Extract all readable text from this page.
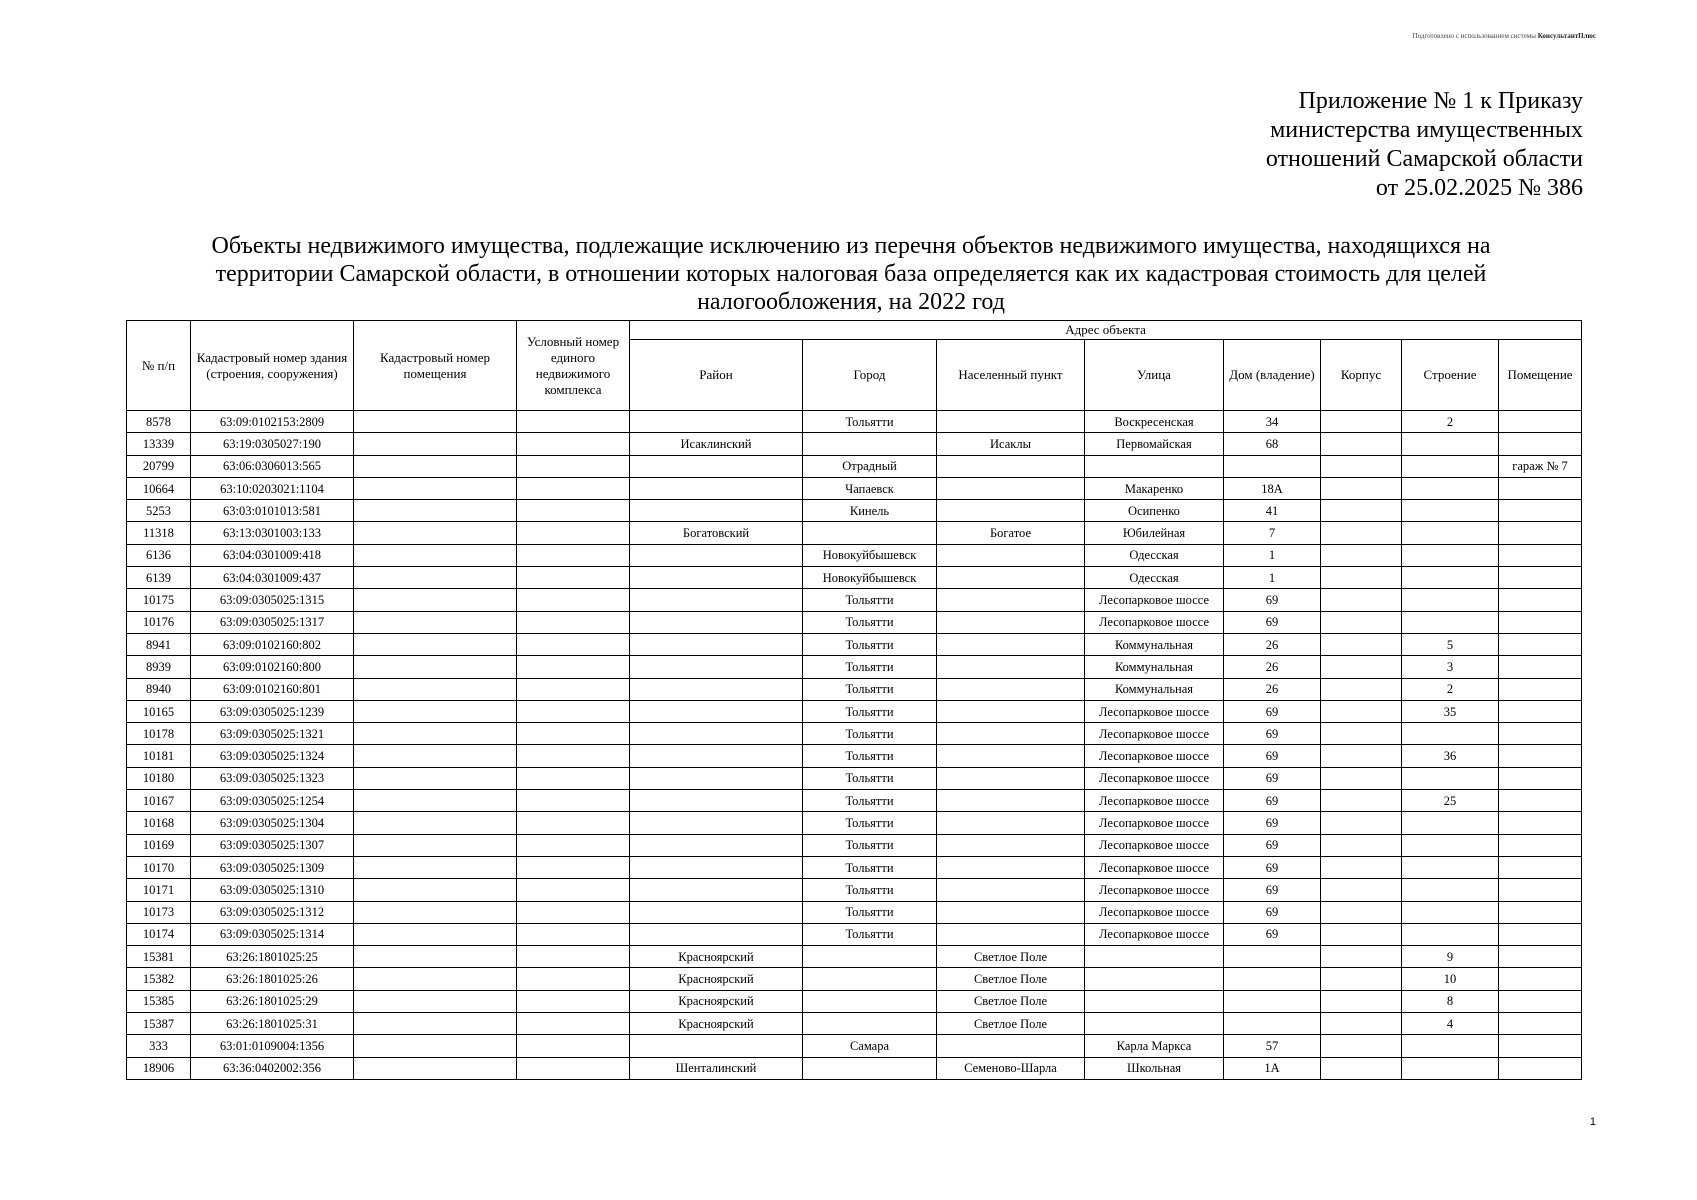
Подготовлено с использованием системы КонсультантПлюс
Приложение № 1 к Приказу
министерства имущественных
отношений Самарской области
от 25.02.2025 № 386
Объекты недвижимого имущества, подлежащие исключению из перечня объектов недвижимого имущества, находящихся на
территории Самарской области, в отношении которых налоговая база определяется как их кадастровая стоимость для целей
налогообложения, на 2022 год
№ п/п	Кадастровый номер здания (строения, сооружения)	Кадастровый номер помещения	Условный номер единого недвижимого комплекса	Адрес объекта							
				Район	Город	Населенный пункт	Улица	Дом (владение)	Корпус	Строение	Помещение
8578	63:09:0102153:2809				Тольятти		Воскресенская	34		2	
13339	63:19:0305027:190			Исаклинский		Исаклы	Первомайская	68			
20799	63:06:0306013:565				Отрадный						гараж № 7
10664	63:10:0203021:1104				Чапаевск		Макаренко	18А			
5253	63:03:0101013:581				Кинель		Осипенко	41			
11318	63:13:0301003:133			Богатовский		Богатое	Юбилейная	7			
6136	63:04:0301009:418				Новокуйбышевск		Одесская	1			
6139	63:04:0301009:437				Новокуйбышевск		Одесская	1			
10175	63:09:0305025:1315				Тольятти		Лесопарковое шоссе	69			
10176	63:09:0305025:1317				Тольятти		Лесопарковое шоссе	69			
8941	63:09:0102160:802				Тольятти		Коммунальная	26		5	
8939	63:09:0102160:800				Тольятти		Коммунальная	26		3	
8940	63:09:0102160:801				Тольятти		Коммунальная	26		2	
10165	63:09:0305025:1239				Тольятти		Лесопарковое шоссе	69		35	
10178	63:09:0305025:1321				Тольятти		Лесопарковое шоссе	69			
10181	63:09:0305025:1324				Тольятти		Лесопарковое шоссе	69		36	
10180	63:09:0305025:1323				Тольятти		Лесопарковое шоссе	69			
10167	63:09:0305025:1254				Тольятти		Лесопарковое шоссе	69		25	
10168	63:09:0305025:1304				Тольятти		Лесопарковое шоссе	69			
10169	63:09:0305025:1307				Тольятти		Лесопарковое шоссе	69			
10170	63:09:0305025:1309				Тольятти		Лесопарковое шоссе	69			
10171	63:09:0305025:1310				Тольятти		Лесопарковое шоссе	69			
10173	63:09:0305025:1312				Тольятти		Лесопарковое шоссе	69			
10174	63:09:0305025:1314				Тольятти		Лесопарковое шоссе	69			
15381	63:26:1801025:25			Красноярский		Светлое Поле				9	
15382	63:26:1801025:26			Красноярский		Светлое Поле				10	
15385	63:26:1801025:29			Красноярский		Светлое Поле				8	
15387	63:26:1801025:31			Красноярский		Светлое Поле				4	
333	63:01:0109004:1356				Самара		Карла Маркса	57			
18906	63:36:0402002:356			Шенталинский		Семеново-Шарла	Школьная	1А			
1
